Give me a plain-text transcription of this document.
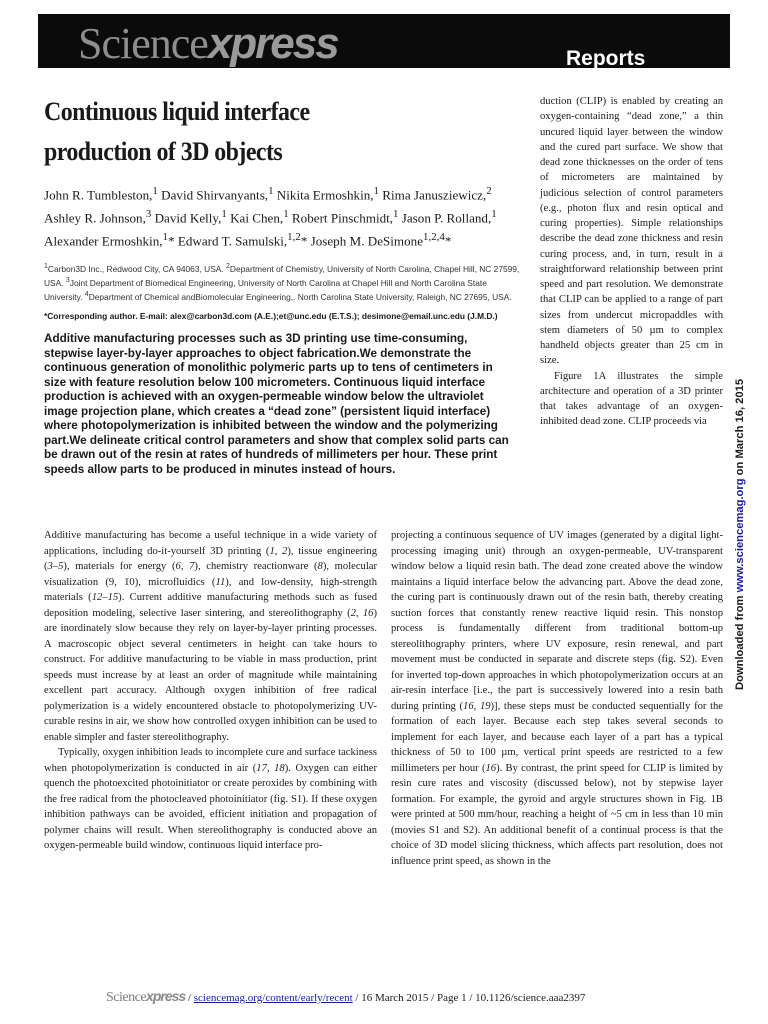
Sciencexpress	Reports
Continuous liquid interface
production of 3D objects
John R. Tumbleston,$^1$ David Shirvanyants,$^1$ Nikita Ermoshkin,$^1$ Rima Janusziewicz,$^2$ Ashley R. Johnson,$^3$ David Kelly,$^1$ Kai Chen,$^1$ Robert Pinschmidt,$^1$ Jason P. Rolland,$^1$ Alexander Ermoshkin,$^1$* Edward T. Samulski,$^{1,2}$* Joseph M. DeSimone$^{1,2,4}$*
$^1$Carbon3D Inc., Redwood City, CA 94063, USA. $^2$Department of Chemistry, University of North Carolina, Chapel Hill, NC 27599, USA. $^3$Joint Department of Biomedical Engineering, University of North Carolina at Chapel Hill and North Carolina State University. $^4$Department of Chemical andBiomolecular Engineering,. North Carolina State University, Raleigh, NC 27695, USA.
*Corresponding author. E-mail: alex@carbon3d.com (A.E.);et@unc.edu (E.T.S.); desimone@email.unc.edu (J.M.D.)
Additive manufacturing processes such as 3D printing use time-consuming, stepwise layer-by-layer approaches to object fabrication.We demonstrate the continuous generation of monolithic polymeric parts up to tens of centimeters in size with feature resolution below 100 micrometers. Continuous liquid interface production is achieved with an oxygen-permeable window below the ultraviolet image projection plane, which creates a “dead zone” (persistent liquid interface) where photopolymerization is inhibited between the window and the polymerizing part.We delineate critical control parameters and show that complex solid parts can be drawn out of the resin at rates of hundreds of millimeters per hour. These print speeds allow parts to be produced in minutes instead of hours.

duction (CLIP) is enabled by creating an oxygen-containing “dead zone,” a thin uncured liquid layer between the window and the cured part surface. We show that dead zone thicknesses on the order of tens of micrometers are maintained by judicious selection of control parameters (e.g., photon flux and resin optical and curing properties). Simple relationships describe the dead zone thickness and resin curing process, and, in turn, result in a straightforward relationship between print speed and part resolution. We demonstrate that CLIP can be applied to a range of part sizes from undercut micropaddles with stem diameters of 50 µm to complex handheld objects greater than 25 cm in size.

Figure 1A illustrates the simple architecture and operation of a 3D printer that takes advantage of an oxygen-inhibited dead zone. CLIP proceeds via

Additive manufacturing has become a useful technique in a wide variety of applications, including do-it-yourself 3D printing (1, 2), tissue engineering (3–5), materials for energy (6, 7), chemistry reactionware (8), molecular visualization (9, 10), microfluidics (11), and low-density, high-strength materials (12–15). Current additive manufacturing methods such as fused deposition modeling, selective laser sintering, and stereolithography (2, 16) are inordinately slow because they rely on layer-by-layer printing processes. A macroscopic object several centimeters in height can take hours to construct. For additive manufacturing to be viable in mass production, print speeds must increase by at least an order of magnitude while maintaining excellent part accuracy. Although oxygen inhibition of free radical polymerization is a widely encountered obstacle to photopolymerizing UV-curable resins in air, we show how controlled oxygen inhibition can be used to enable simpler and faster stereolithography.

Typically, oxygen inhibition leads to incomplete cure and surface tackiness when photopolymerization is conducted in air (17, 18). Oxygen can either quench the photoexcited photoinitiator or create peroxides by combining with the free radical from the photocleaved photoinitiator (fig. S1). If these oxygen inhibition pathways can be avoided, efficient initiation and propagation of polymer chains will result. When stereolithography is conducted above an oxygen-permeable build window, continuous liquid interface pro-

projecting a continuous sequence of UV images (generated by a digital light-processing imaging unit) through an oxygen-permeable, UV-transparent window below a liquid resin bath. The dead zone created above the window maintains a liquid interface below the advancing part. Above the dead zone, the curing part is continuously drawn out of the resin bath, thereby creating suction forces that constantly renew reactive liquid resin. This nonstop process is fundamentally different from traditional bottom-up stereolithography printers, where UV exposure, resin renewal, and part movement must be conducted in separate and discrete steps (fig. S2). Even for inverted top-down approaches in which photopolymerization occurs at an air-resin interface [i.e., the part is successively lowered into a resin bath during printing (16, 19)], these steps must be conducted sequentially for the formation of each layer. Because each step takes several seconds to implement for each layer, and because each layer of a part has a typical thickness of 50 to 100 µm, vertical print speeds are restricted to a few millimeters per hour (16). By contrast, the print speed for CLIP is limited by resin cure rates and viscosity (discussed below), not by stepwise layer formation. For example, the gyroid and argyle structures shown in Fig. 1B were printed at 500 mm/hour, reaching a height of ~5 cm in less than 10 min (movies S1 and S2). An additional benefit of a continual process is that the choice of 3D model slicing thickness, which affects part resolution, does not influence print speed, as shown in the

Downloaded from www.sciencemag.org on March 16, 2015
Sciencexpress / sciencemag.org/content/early/recent / 16 March 2015 / Page 1 / 10.1126/science.aaa2397
